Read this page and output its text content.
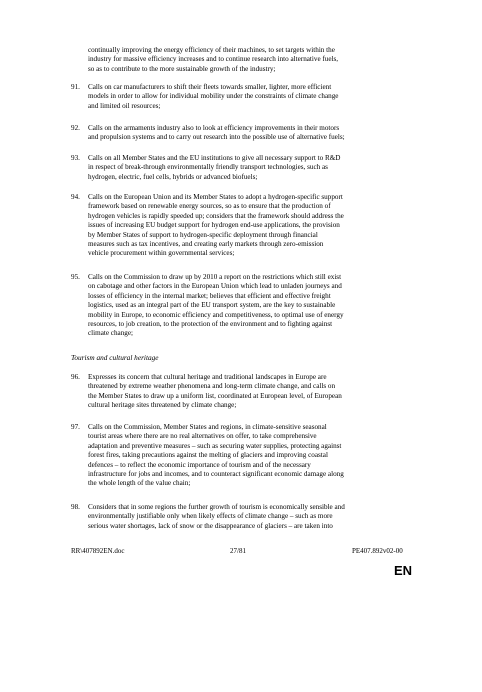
continually improving the energy efficiency of their machines, to set targets within the
industry for massive efficiency increases and to continue research into alternative fuels,
so as to contribute to the more sustainable growth of the industry;
91.	Calls on car manufacturers to shift their fleets towards smaller, lighter, more efficient
models in order to allow for individual mobility under the constraints of climate change
and limited oil resources;
92.	Calls on the armaments industry also to look at efficiency improvements in their motors
and propulsion systems and to carry out research into the possible use of alternative fuels;
93.	Calls on all Member States and the EU institutions to give all necessary support to R&D
in respect of break-through environmentally friendly transport technologies, such as
hydrogen, electric, fuel cells, hybrids or advanced biofuels;
94.	Calls on the European Union and its Member States to adopt a hydrogen-specific support
framework based on renewable energy sources, so as to ensure that the production of
hydrogen vehicles is rapidly speeded up; considers that the framework should address the
issues of increasing EU budget support for hydrogen end-use applications, the provision
by Member States of support to hydrogen-specific deployment through financial
measures such as tax incentives, and creating early markets through zero-emission
vehicle procurement within governmental services;
95.	Calls on the Commission to draw up by 2010 a report on the restrictions which still exist
on cabotage and other factors in the European Union which lead to unladen journeys and
losses of efficiency in the internal market; believes that efficient and effective freight
logistics, used as an integral part of the EU transport system, are the key to sustainable
mobility in Europe, to economic efficiency and competitiveness, to optimal use of energy
resources, to job creation, to the protection of the environment and to fighting against
climate change;
Tourism and cultural heritage
96.	Expresses its concern that cultural heritage and traditional landscapes in Europe are
threatened by extreme weather phenomena and long-term climate change, and calls on
the Member States to draw up a uniform list, coordinated at European level, of European
cultural heritage sites threatened by climate change;
97.	Calls on the Commission, Member States and regions, in climate-sensitive seasonal
tourist areas where there are no real alternatives on offer, to take comprehensive
adaptation and preventive measures – such as securing water supplies, protecting against
forest fires, taking precautions against the melting of glaciers and improving coastal
defences – to reflect the economic importance of tourism and of the necessary
infrastructure for jobs and incomes, and to counteract significant economic damage along
the whole length of the value chain;
98.	Considers that in some regions the further growth of tourism is economically sensible and
environmentally justifiable only when likely effects of climate change – such as more
serious water shortages, lack of snow or the disappearance of glaciers – are taken into
RR\407892EN.doc	27/81	PE407.892v02-00
EN
